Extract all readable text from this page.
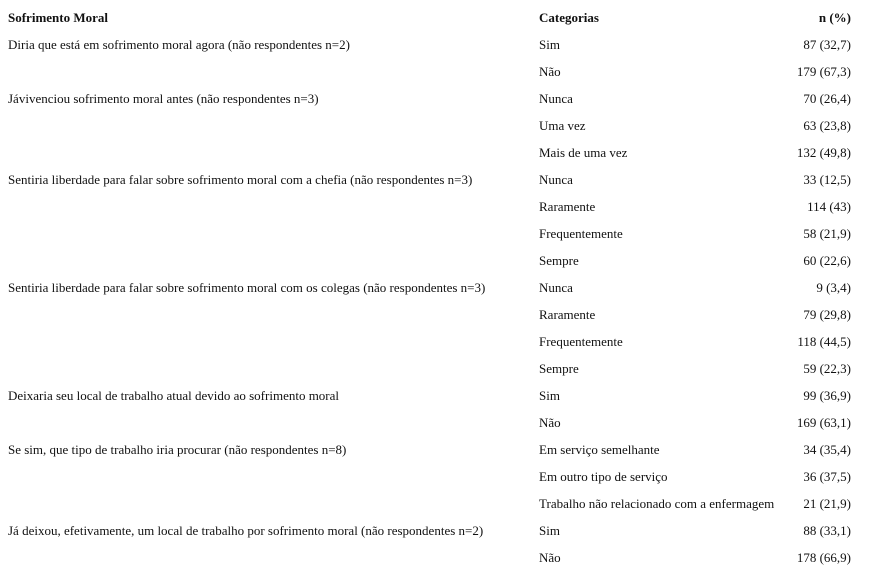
Sofrimento Moral	Categorias	n (%)
Diria que está em sofrimento moral agora (não respondentes n=2)	Sim	87 (32,7)
Não	179 (67,3)
Jávivenciou sofrimento moral antes (não respondentes n=3)	Nunca	70 (26,4)
Uma vez	63 (23,8)
Mais de uma vez	132 (49,8)
Sentiria liberdade para falar sobre sofrimento moral com a chefia (não respondentes n=3)	Nunca	33 (12,5)
Raramente	114 (43)
Frequentemente	58 (21,9)
Sempre	60 (22,6)
Sentiria liberdade para falar sobre sofrimento moral com os colegas (não respondentes n=3)	Nunca	9 (3,4)
Raramente	79 (29,8)
Frequentemente	118 (44,5)
Sempre	59 (22,3)
Deixaria seu local de trabalho atual devido ao sofrimento moral	Sim	99 (36,9)
Não	169 (63,1)
Se sim, que tipo de trabalho iria procurar (não respondentes n=8)	Em serviço semelhante	34 (35,4)
Em outro tipo de serviço	36 (37,5)
Trabalho não relacionado com a enfermagem 21 (21,9)
Já deixou, efetivamente, um local de trabalho por sofrimento moral (não respondentes n=2)	Sim	88 (33,1)
Não	178 (66,9)
